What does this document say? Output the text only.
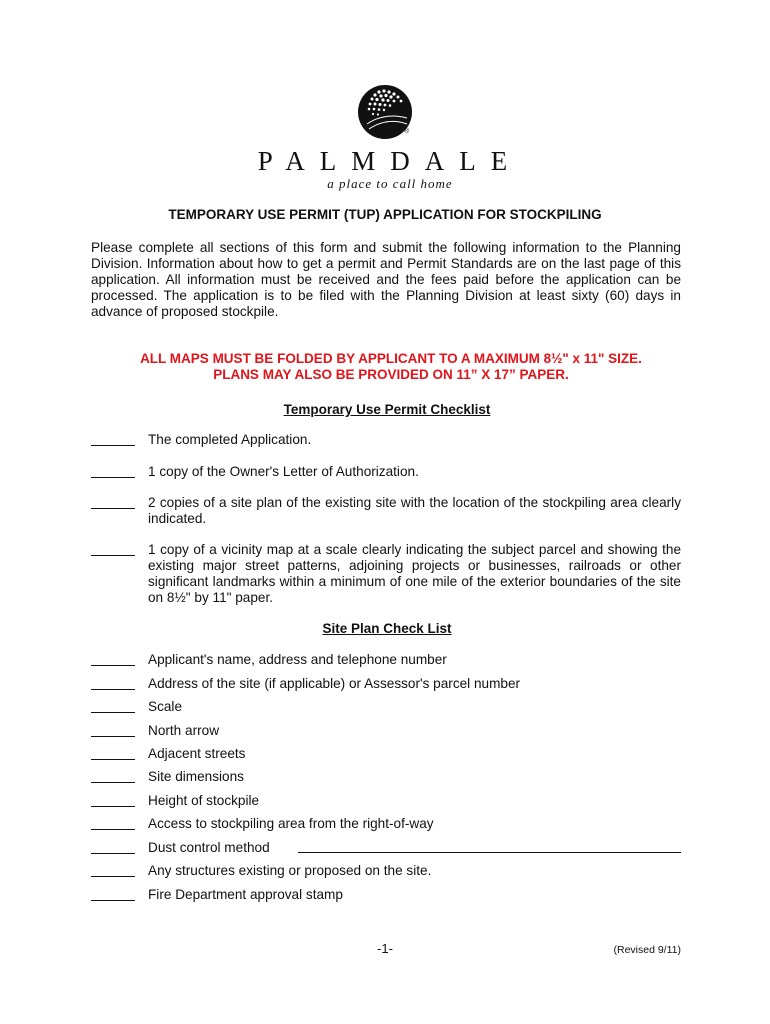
®
PALMDALE
a place to call home
TEMPORARY USE PERMIT (TUP) APPLICATION FOR STOCKPILING
Please complete all sections of this form and submit the following information to the Planning Division. Information about how to get a permit and Permit Standards are on the last page of this application. All information must be received and the fees paid before the application can be processed. The application is to be filed with the Planning Division at least sixty (60) days in advance of proposed stockpile.
ALL MAPS MUST BE FOLDED BY APPLICANT TO A MAXIMUM 8½" x 11" SIZE.
PLANS MAY ALSO BE PROVIDED ON 11” X 17” PAPER.
Temporary Use Permit Checklist
The completed Application.
1 copy of the Owner's Letter of Authorization.
2 copies of a site plan of the existing site with the location of the stockpiling area clearly indicated.
1 copy of a vicinity map at a scale clearly indicating the subject parcel and showing the existing major street patterns, adjoining projects or businesses, railroads or other significant landmarks within a minimum of one mile of the exterior boundaries of the site on 8½" by 11" paper.
Site Plan Check List
Applicant's name, address and telephone number
Address of the site (if applicable) or Assessor's parcel number
Scale
North arrow
Adjacent streets
Site dimensions
Height of stockpile
Access to stockpiling area from the right-of-way
Dust control method
Any structures existing or proposed on the site.
Fire Department approval stamp
-1-	(Revised 9/11)
